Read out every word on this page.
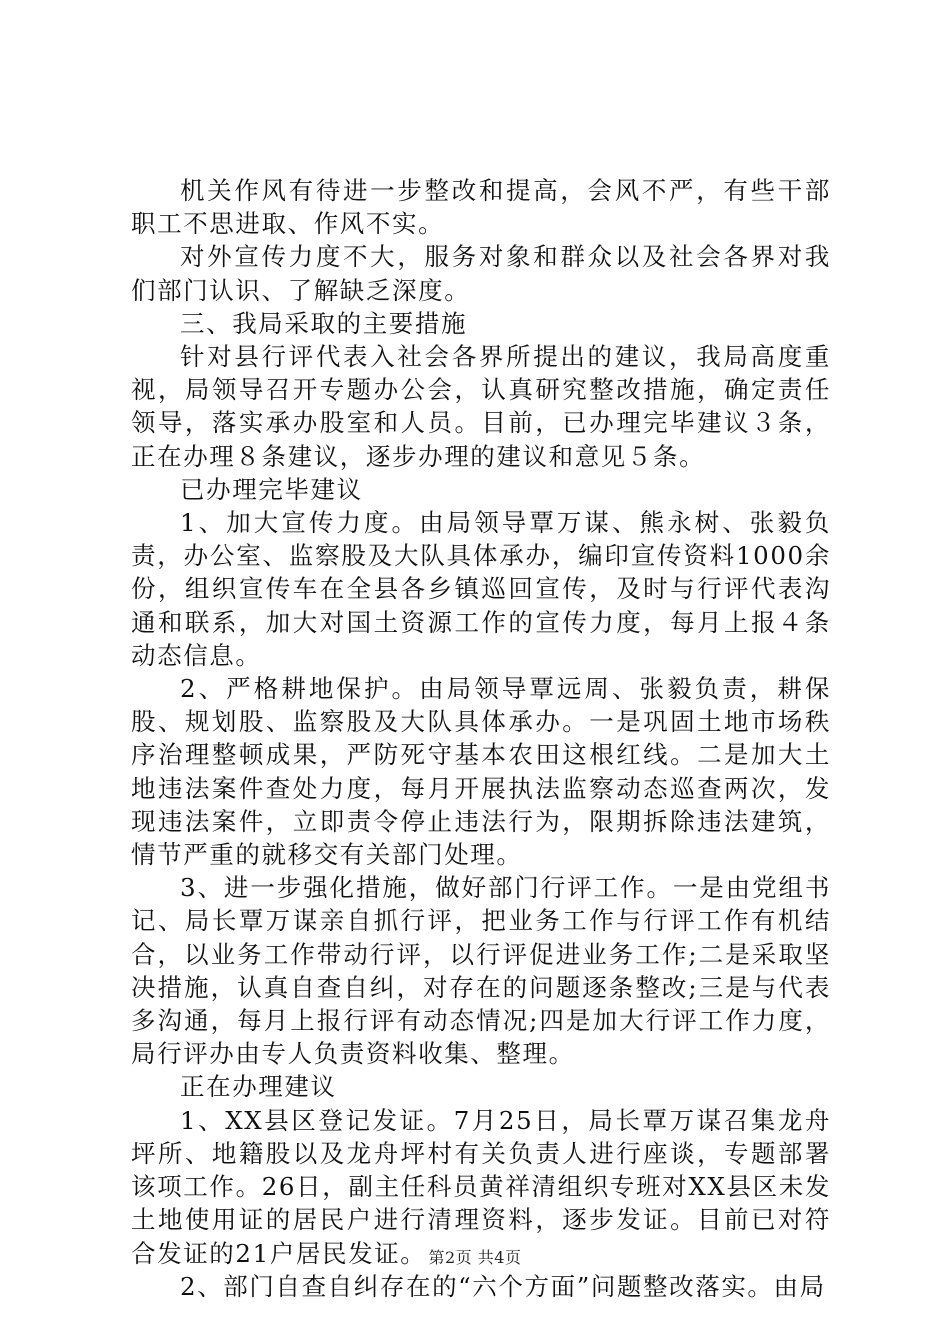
机关作风有待进一步整改和提高，会风不严，有些干部职工不思进取、作风不实。

对外宣传力度不大，服务对象和群众以及社会各界对我们部门认识、了解缺乏深度。

三、我局采取的主要措施

针对县行评代表入社会各界所提出的建议，我局高度重视，局领导召开专题办公会，认真研究整改措施，确定责任领导，落实承办股室和人员。目前，已办理完毕建议３条，正在办理８条建议，逐步办理的建议和意见５条。

已办理完毕建议

1、加大宣传力度。由局领导覃万谋、熊永树、张毅负责，办公室、监察股及大队具体承办，编印宣传资料1000余份，组织宣传车在全县各乡镇巡回宣传，及时与行评代表沟通和联系，加大对国土资源工作的宣传力度，每月上报４条动态信息。

2、严格耕地保护。由局领导覃远周、张毅负责，耕保股、规划股、监察股及大队具体承办。一是巩固土地市场秩序治理整顿成果，严防死守基本农田这根红线。二是加大土地违法案件查处力度，每月开展执法监察动态巡查两次，发现违法案件，立即责令停止违法行为，限期拆除违法建筑，情节严重的就移交有关部门处理。

3、进一步强化措施，做好部门行评工作。一是由党组书记、局长覃万谋亲自抓行评，把业务工作与行评工作有机结合，以业务工作带动行评，以行评促进业务工作;二是采取坚决措施，认真自查自纠，对存在的问题逐条整改;三是与代表多沟通，每月上报行评有动态情况;四是加大行评工作力度，局行评办由专人负责资料收集、整理。

正在办理建议

1、XX县区登记发证。7月25日，局长覃万谋召集龙舟坪所、地籍股以及龙舟坪村有关负责人进行座谈，专题部署该项工作。26日，副主任科员黄祥清组织专班对XX县区未发土地使用证的居民户进行清理资料，逐步发证。目前已对符合发证的21户居民发证。

2、部门自查自纠存在的“六个方面”问题整改落实。由局

第2页 共4页
